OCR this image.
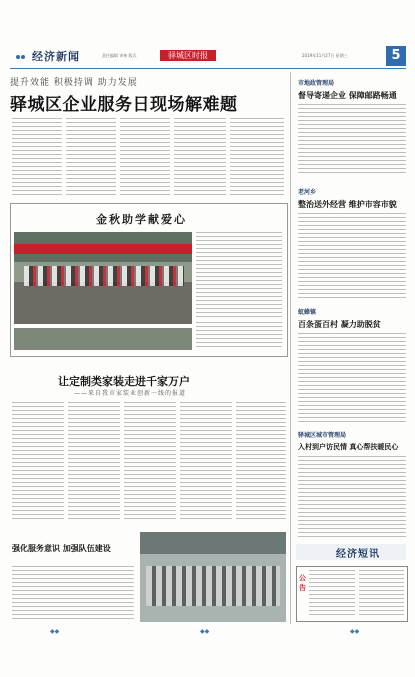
经济新闻	责任编辑 审核 版式	驿城区时报	2019年11月27日 星期三	5
提升效能 积极持调 助力发展
驿城区企业服务日现场解难题
金秋助学献爱心
让定制类家装走进千家万户
——来自我市家装业创新一线的报道
强化服务意识 加强队伍建设
市地政管理局
督导寄递企业 保障邮路畅通
老河乡
整治送外经营 维护市容市貌
蚁蜂镇
百条蛋百村 凝力助脱贫
驿城区城市管理局
入村到户访民情 真心帮扶暖民心
经济短讯
公告
◆◆	◆◆	◆◆
